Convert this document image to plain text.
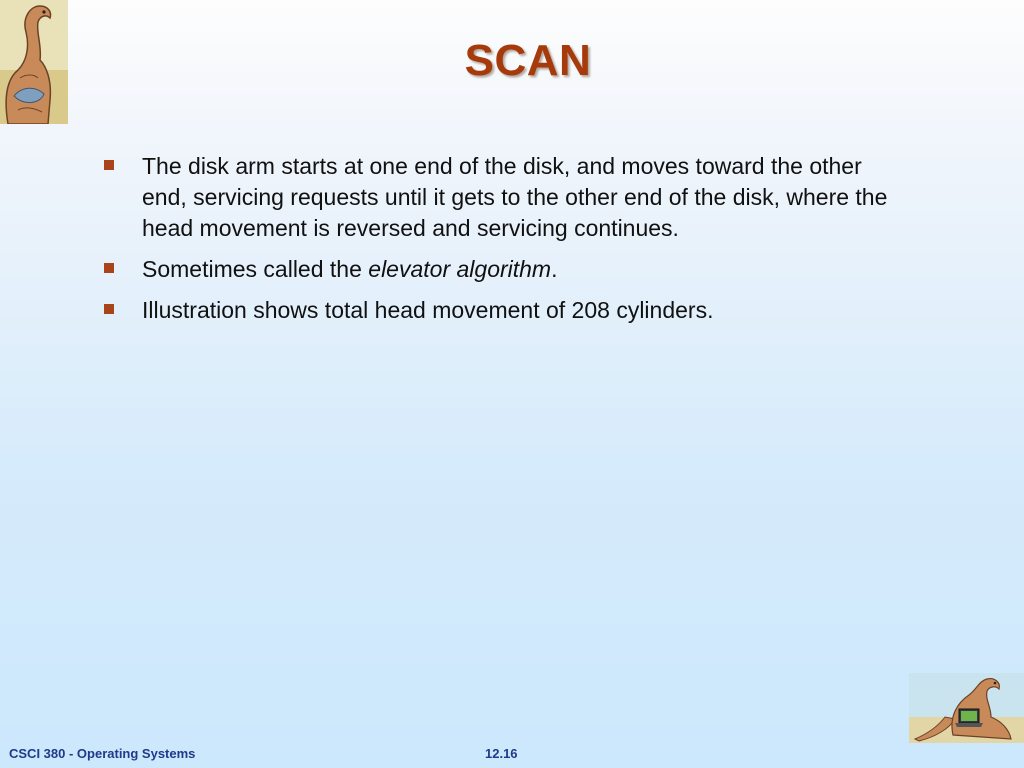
SCAN
The disk arm starts at one end of the disk, and moves toward the other end, servicing requests until it gets to the other end of the disk, where the head movement is reversed and servicing continues.
Sometimes called the elevator algorithm.
Illustration shows total head movement of 208 cylinders.
CSCI 380 - Operating Systems	12.16
